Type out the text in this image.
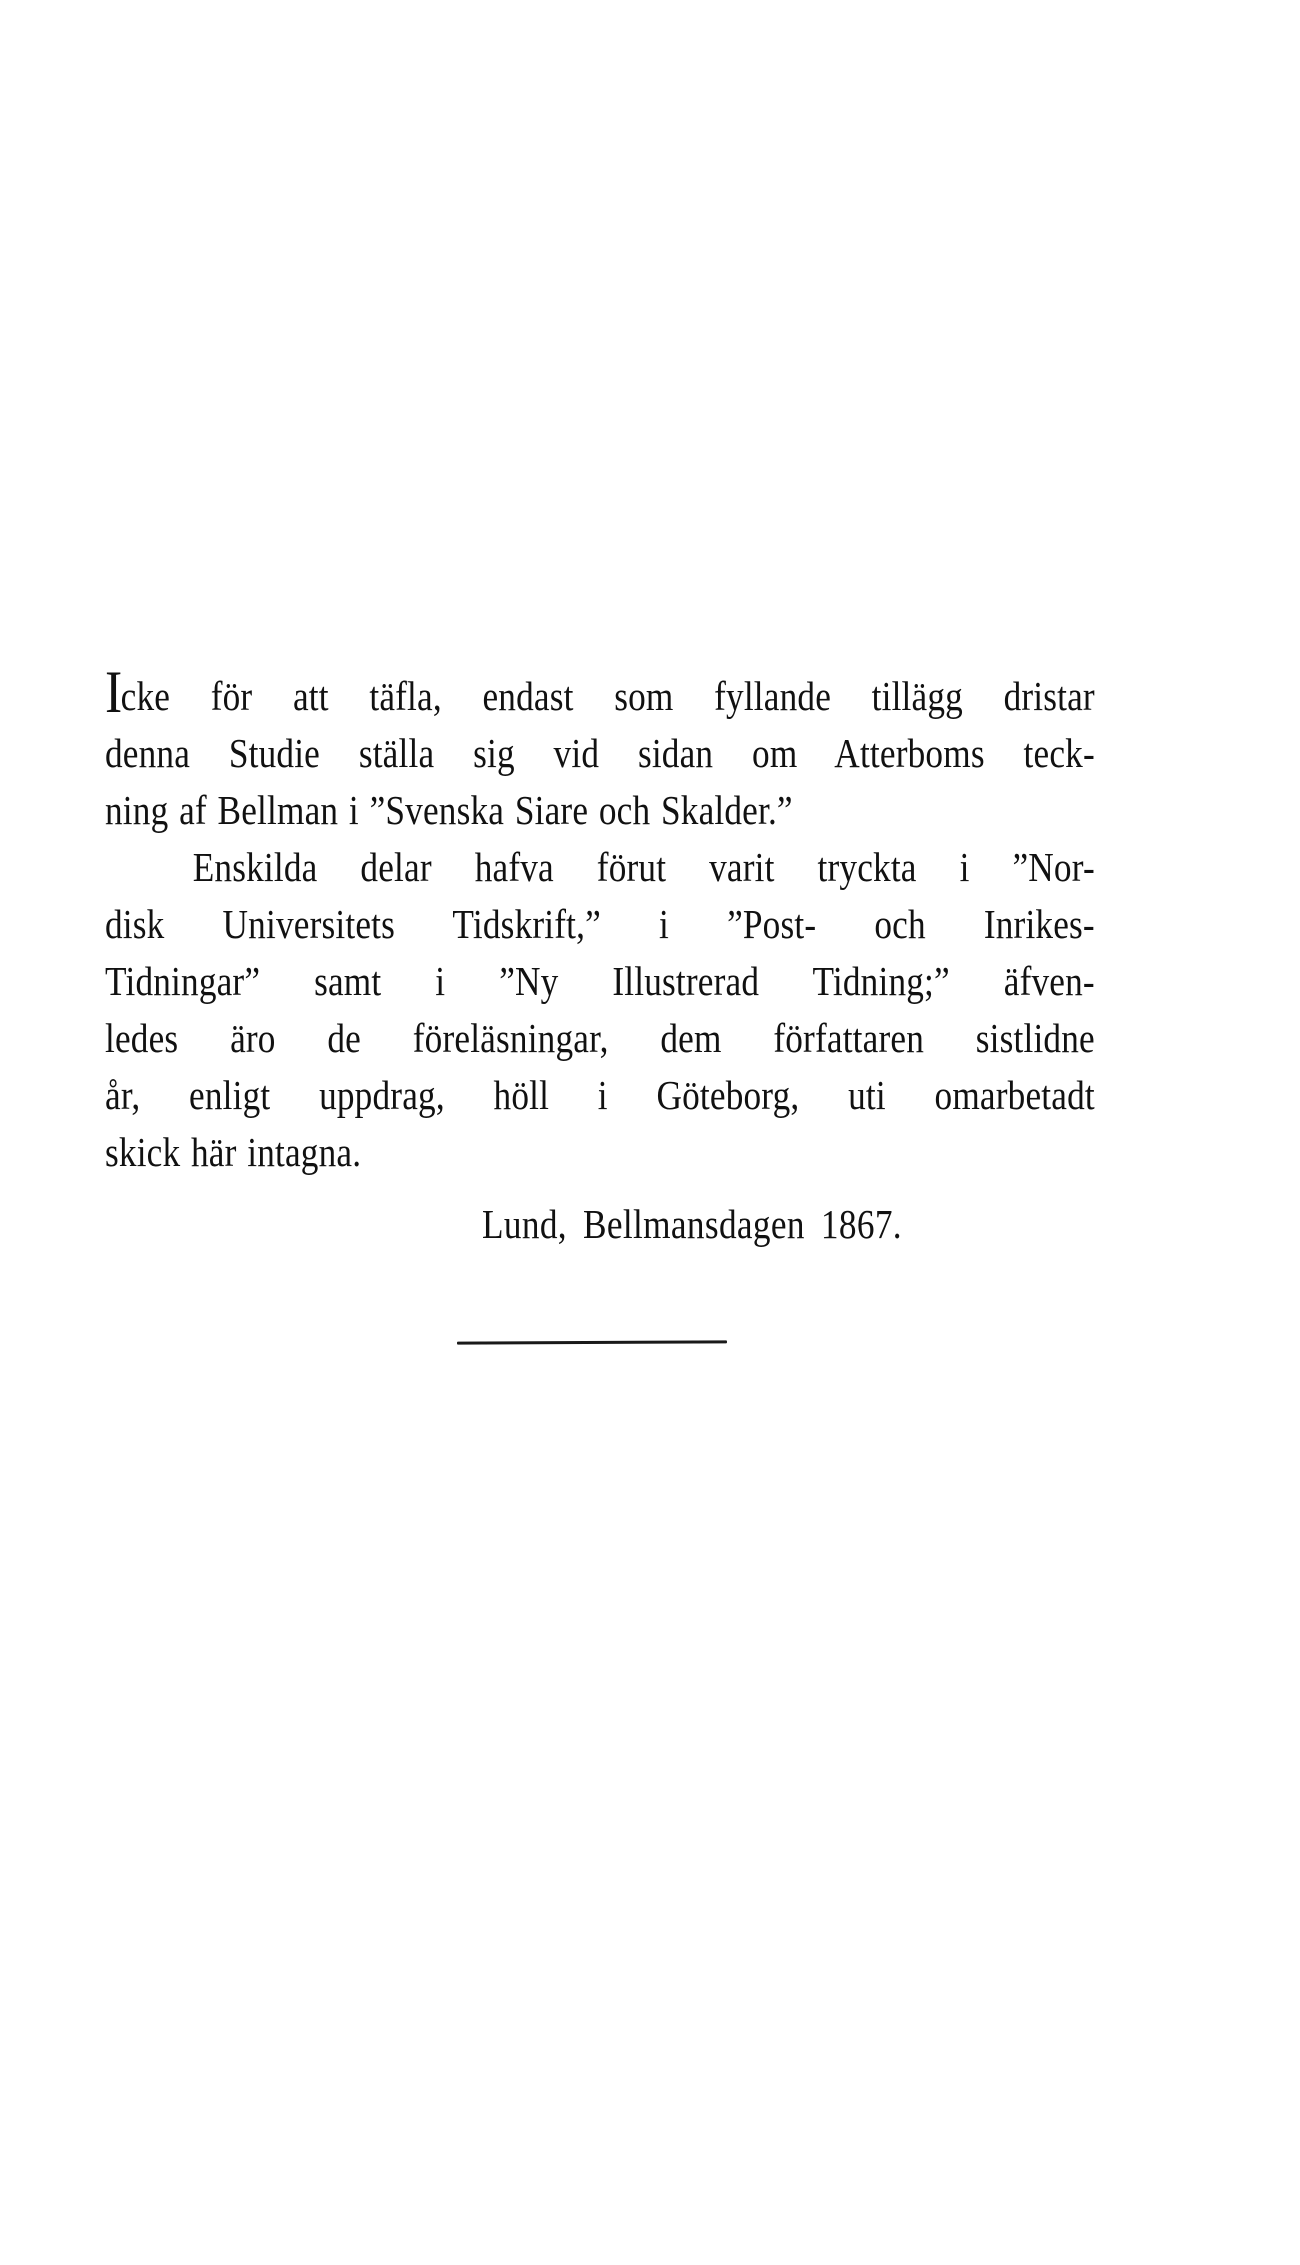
Icke för att täfla, endast som fyllande tillägg dristar
denna Studie ställa sig vid sidan om Atterboms teck-
ning af Bellman i ”Svenska Siare och Skalder.”
Enskilda delar hafva förut varit tryckta i ”Nor-
disk Universitets Tidskrift,” i ”Post- och Inrikes-
Tidningar” samt i ”Ny Illustrerad Tidning;” äfven-
ledes äro de föreläsningar, dem författaren sistlidne
år, enligt uppdrag, höll i Göteborg, uti omarbetadt
skick här intagna.
Lund, Bellmansdagen 1867.
